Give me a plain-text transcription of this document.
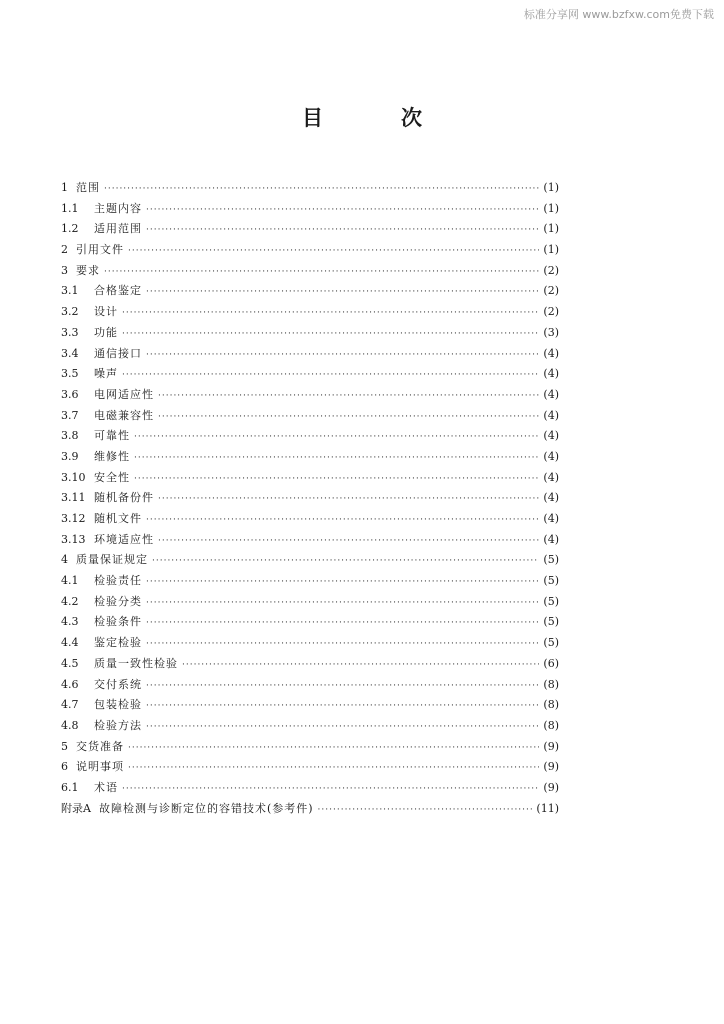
标准分享网 www.bzfxw.com免费下载
目	次
1 范围 ·····	(1)
1.1	主题内容 ·····	(1)
1.2	适用范围 ·····	(1)
2 引用文件 ·····	(1)
3 要求 ·····	(2)
3.1	合格鉴定 ·····	(2)
3.2	设计 ·····	(2)
3.3	功能 ·····	(3)
3.4	通信接口 ·····	(4)
3.5	噪声 ·····	(4)
3.6	电网适应性 ·····	(4)
3.7	电磁兼容性 ·····	(4)
3.8	可靠性 ·····	(4)
3.9	维修性 ·····	(4)
3.10 安全性 ·····	(4)
3.11 随机备份件 ·····	(4)
3.12 随机文件 ·····	(4)
3.13 环境适应性 ·····	(4)
4 质量保证规定 ·····	(5)
4.1	检验责任 ·····	(5)
4.2	检验分类 ·····	(5)
4.3	检验条件 ·····	(5)
4.4	鉴定检验 ·····	(5)
4.5	质量一致性检验 ·····	(6)
4.6	交付系统 ·····	(8)
4.7	包装检验 ·····	(8)
4.8	检验方法 ·····	(8)
5 交货准备 ·····	(9)
6 说明事项 ·····	(9)
6.1	术语 ·····	(9)
附录A 故障检测与诊断定位的容错技术(参考件) ·····	(11)
